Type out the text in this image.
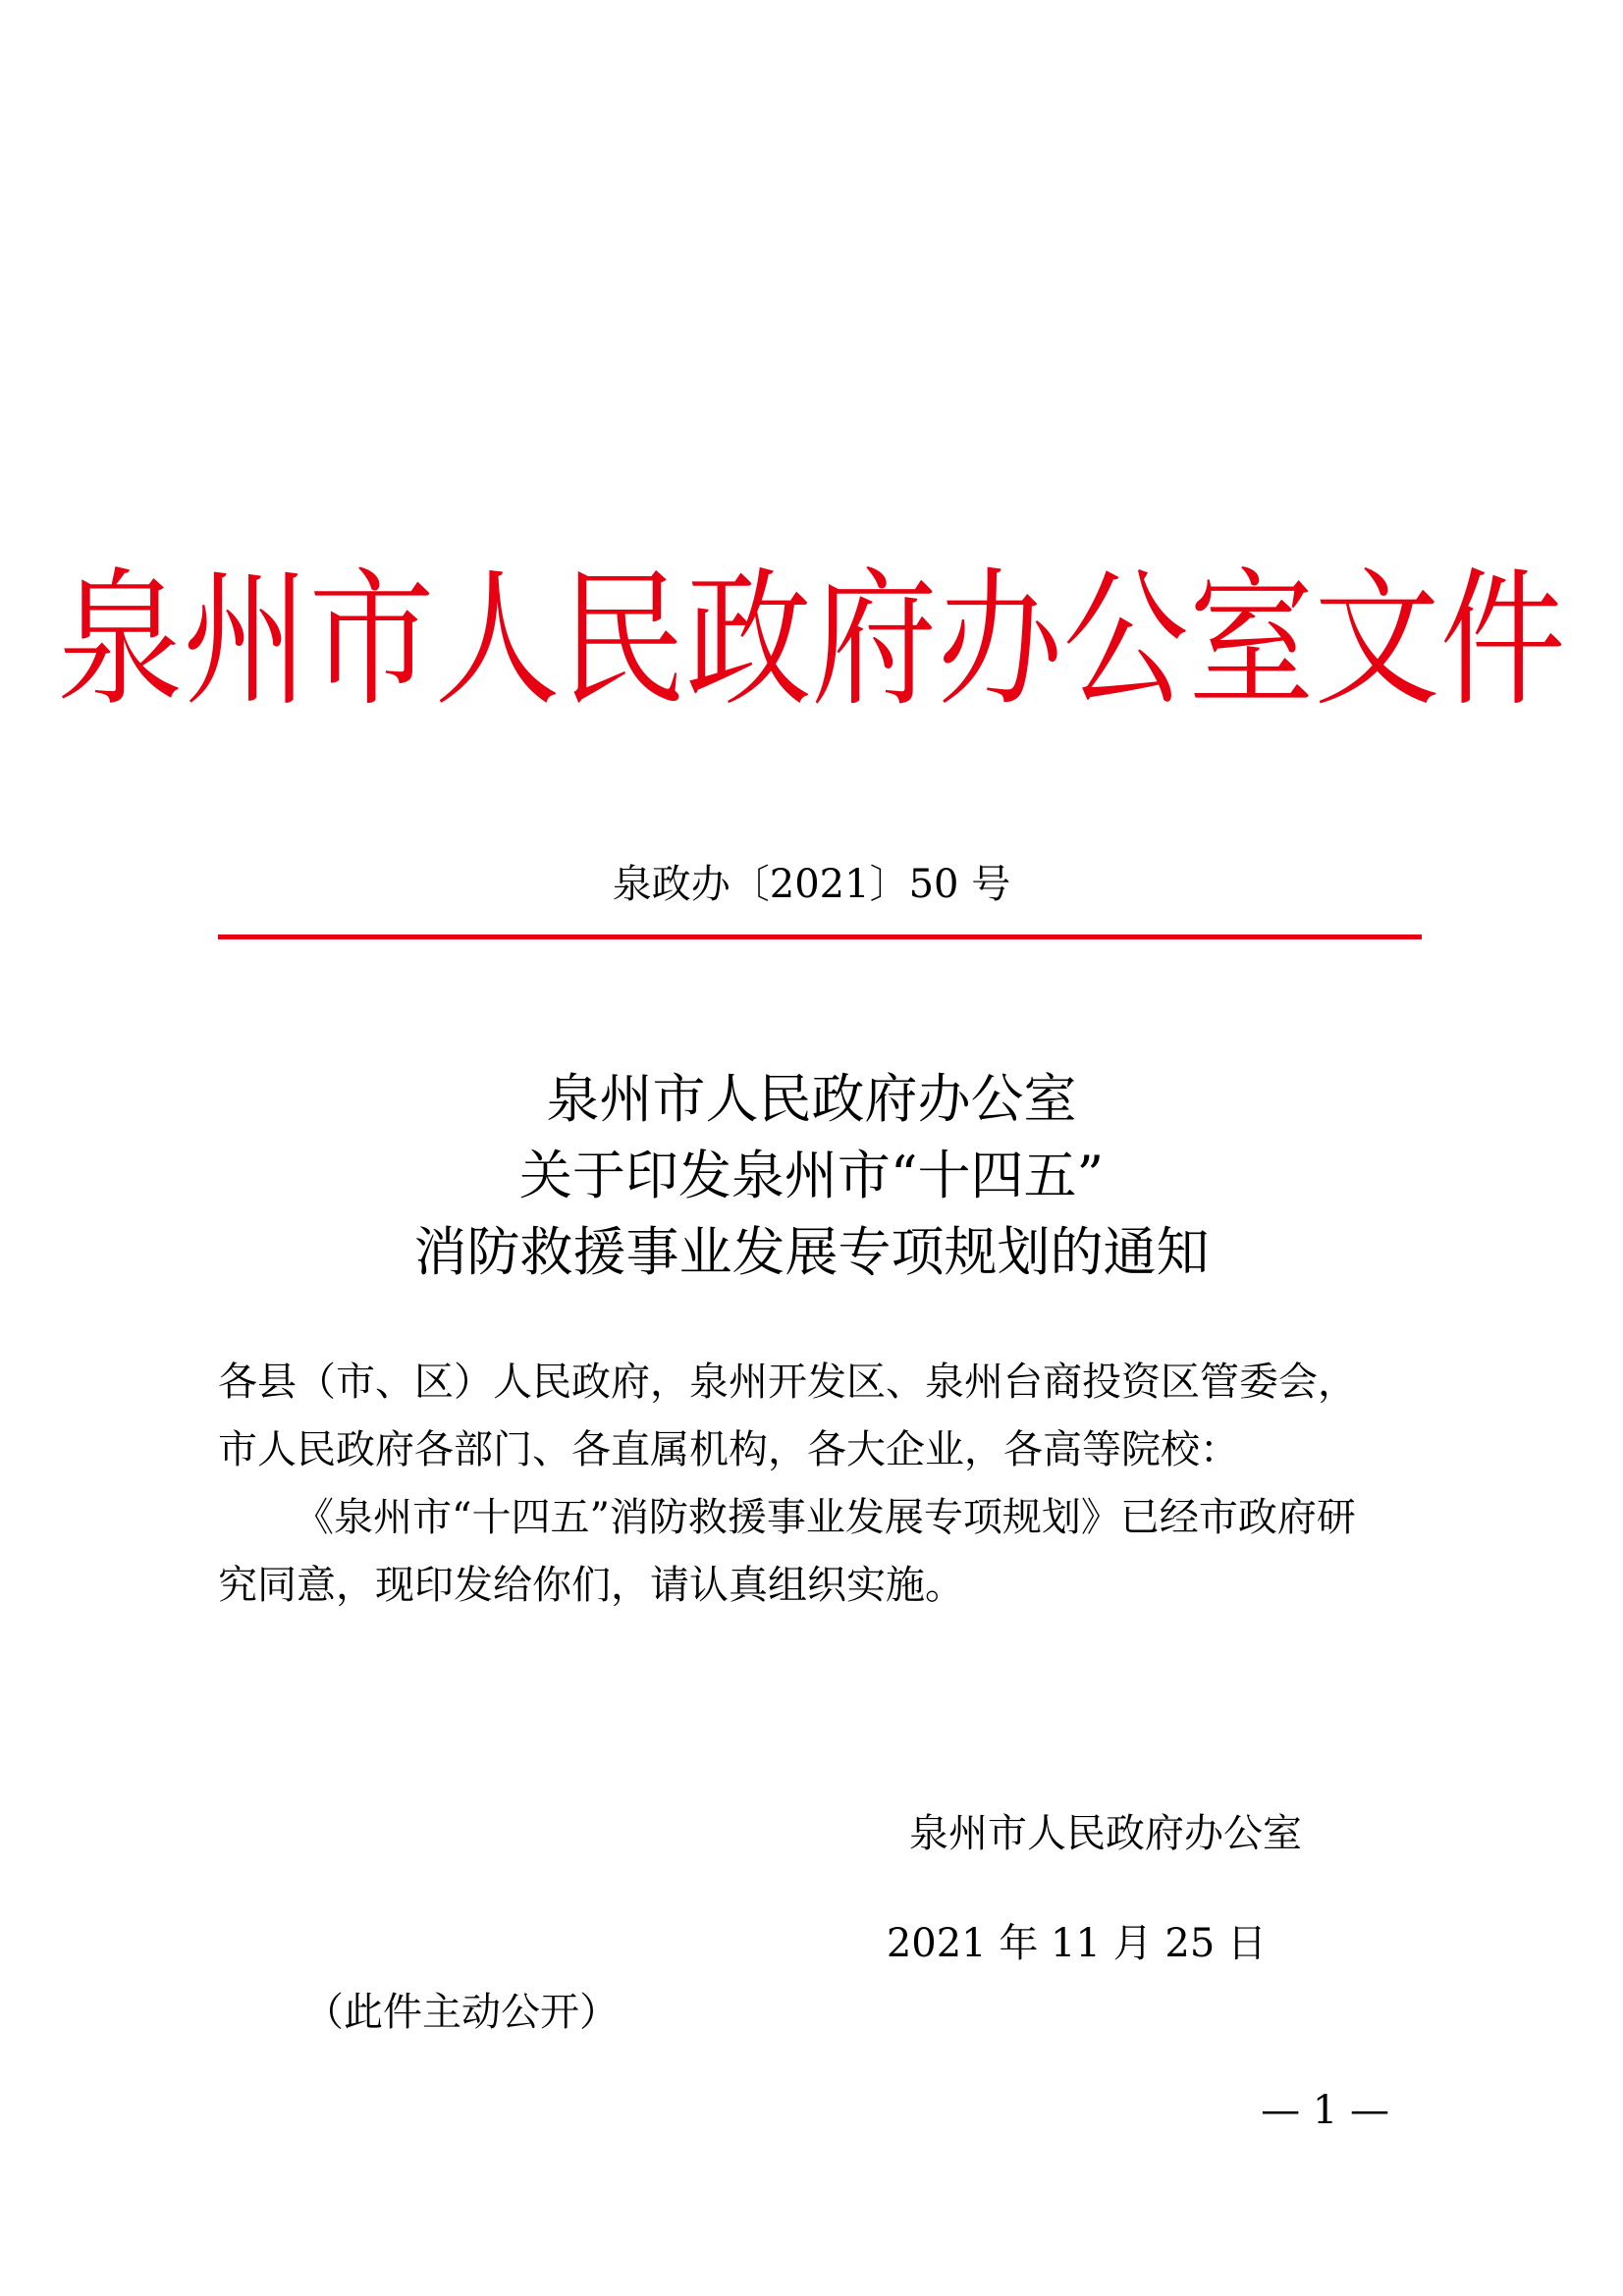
泉州市人民政府办公室文件
泉政办〔2021〕50 号
泉州市人民政府办公室
关于印发泉州市“十四五”
消防救援事业发展专项规划的通知
各县（市、区）人民政府，泉州开发区、泉州台商投资区管委会，
市人民政府各部门、各直属机构，各大企业，各高等院校：
《泉州市“十四五”消防救援事业发展专项规划》已经市政府研
究同意，现印发给你们，请认真组织实施。
泉州市人民政府办公室
2021 年 11 月 25 日
（此件主动公开）
— 1 —
